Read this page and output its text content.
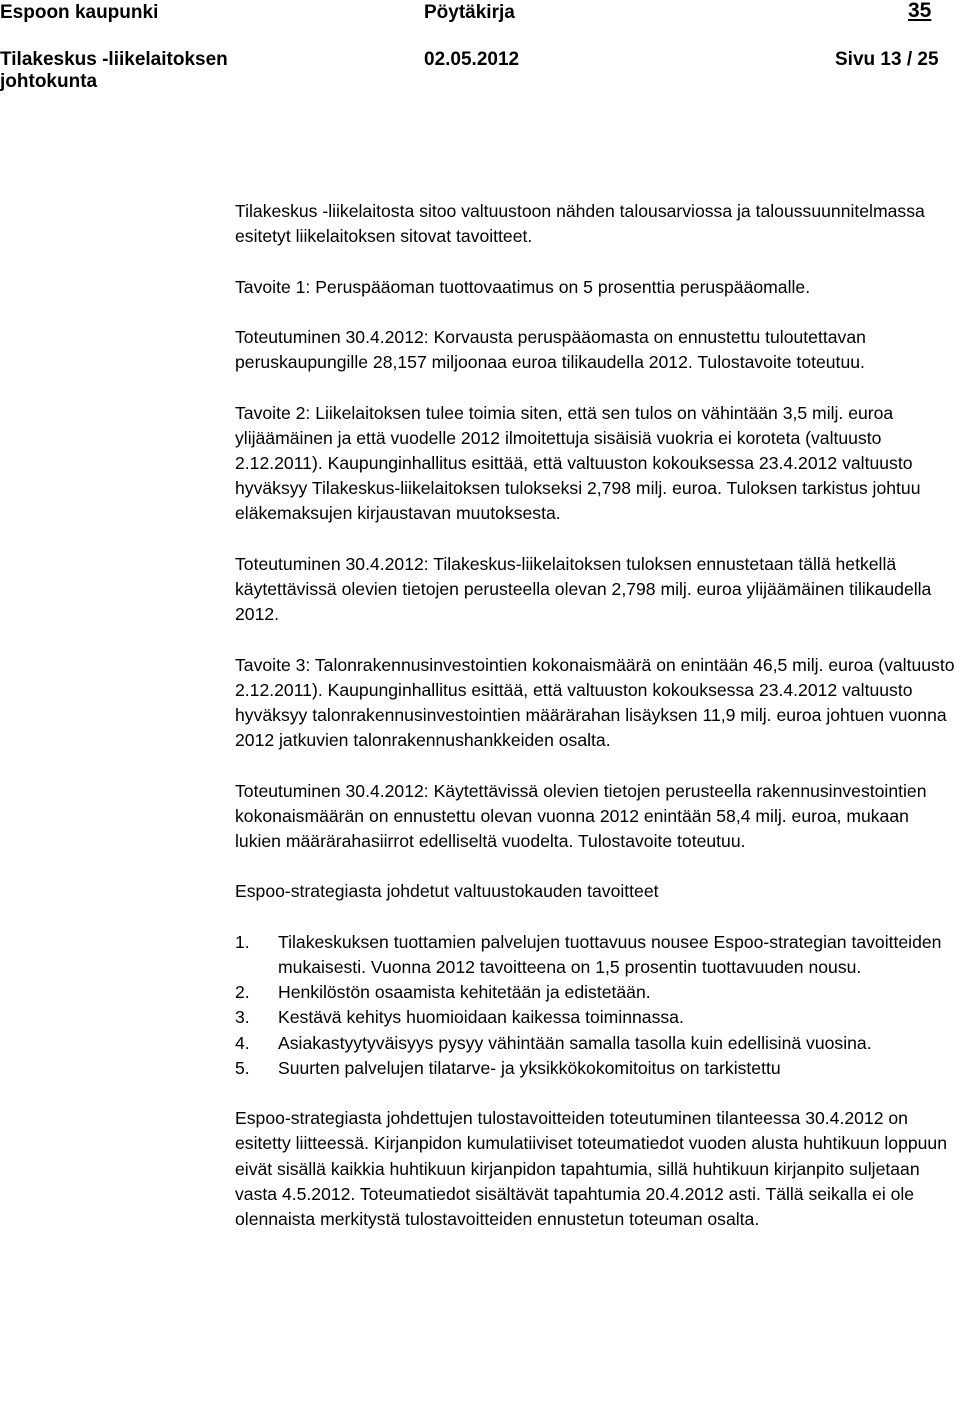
Espoon kaupunki	Pöytäkirja	35
Tilakeskus -liikelaitoksen
johtokunta
02.05.2012	Sivu 13 / 25

Tilakeskus -liikelaitosta sitoo valtuustoon nähden talousarviossa ja taloussuunnitelmassa esitetyt liikelaitoksen sitovat tavoitteet.

Tavoite 1: Peruspääoman tuottovaatimus on 5 prosenttia peruspääomalle.

Toteutuminen 30.4.2012: Korvausta peruspääomasta on ennustettu tuloutettavan peruskaupungille 28,157 miljoonaa euroa tilikaudella 2012. Tulostavoite toteutuu.

Tavoite 2: Liikelaitoksen tulee toimia siten, että sen tulos on vähintään 3,5 milj. euroa ylijäämäinen ja että vuodelle 2012 ilmoitettuja sisäisiä vuokria ei koroteta (valtuusto 2.12.2011). Kaupunginhallitus esittää, että valtuuston kokouksessa 23.4.2012 valtuusto hyväksyy Tilakeskus-liikelaitoksen tulokseksi 2,798 milj. euroa. Tuloksen tarkistus johtuu eläkemaksujen kirjaustavan muutoksesta.

Toteutuminen 30.4.2012: Tilakeskus-liikelaitoksen tuloksen ennustetaan tällä hetkellä käytettävissä olevien tietojen perusteella olevan 2,798 milj. euroa ylijäämäinen tilikaudella 2012.

Tavoite 3: Talonrakennusinvestointien kokonaismäärä on enintään 46,5 milj. euroa (valtuusto 2.12.2011). Kaupunginhallitus esittää, että valtuuston kokouksessa 23.4.2012 valtuusto hyväksyy talonrakennusinvestointien määrärahan lisäyksen 11,9 milj. euroa johtuen vuonna 2012 jatkuvien talonrakennushankkeiden osalta.

Toteutuminen 30.4.2012: Käytettävissä olevien tietojen perusteella rakennusinvestointien kokonaismäärän on ennustettu olevan vuonna 2012 enintään 58,4 milj. euroa, mukaan lukien määrärahasiirrot edelliseltä vuodelta. Tulostavoite toteutuu.

Espoo-strategiasta johdetut valtuustokauden tavoitteet

1. Tilakeskuksen tuottamien palvelujen tuottavuus nousee Espoo-strategian tavoitteiden mukaisesti. Vuonna 2012 tavoitteena on 1,5 prosentin tuottavuuden nousu.
2. Henkilöstön osaamista kehitetään ja edistetään.
3. Kestävä kehitys huomioidaan kaikessa toiminnassa.
4. Asiakastyytyväisyys pysyy vähintään samalla tasolla kuin edellisinä vuosina.
5. Suurten palvelujen tilatarve- ja yksikkökokomitoitus on tarkistettu

Espoo-strategiasta johdettujen tulostavoitteiden toteutuminen tilanteessa 30.4.2012 on esitetty liitteessä. Kirjanpidon kumulatiiviset toteumatiedot vuoden alusta huhtikuun loppuun eivät sisällä kaikkia huhtikuun kirjanpidon tapahtumia, sillä huhtikuun kirjanpito suljetaan vasta 4.5.2012. Toteumatiedot sisältävät tapahtumia 20.4.2012 asti. Tällä seikalla ei ole olennaista merkitystä tulostavoitteiden ennustetun toteuman osalta.
